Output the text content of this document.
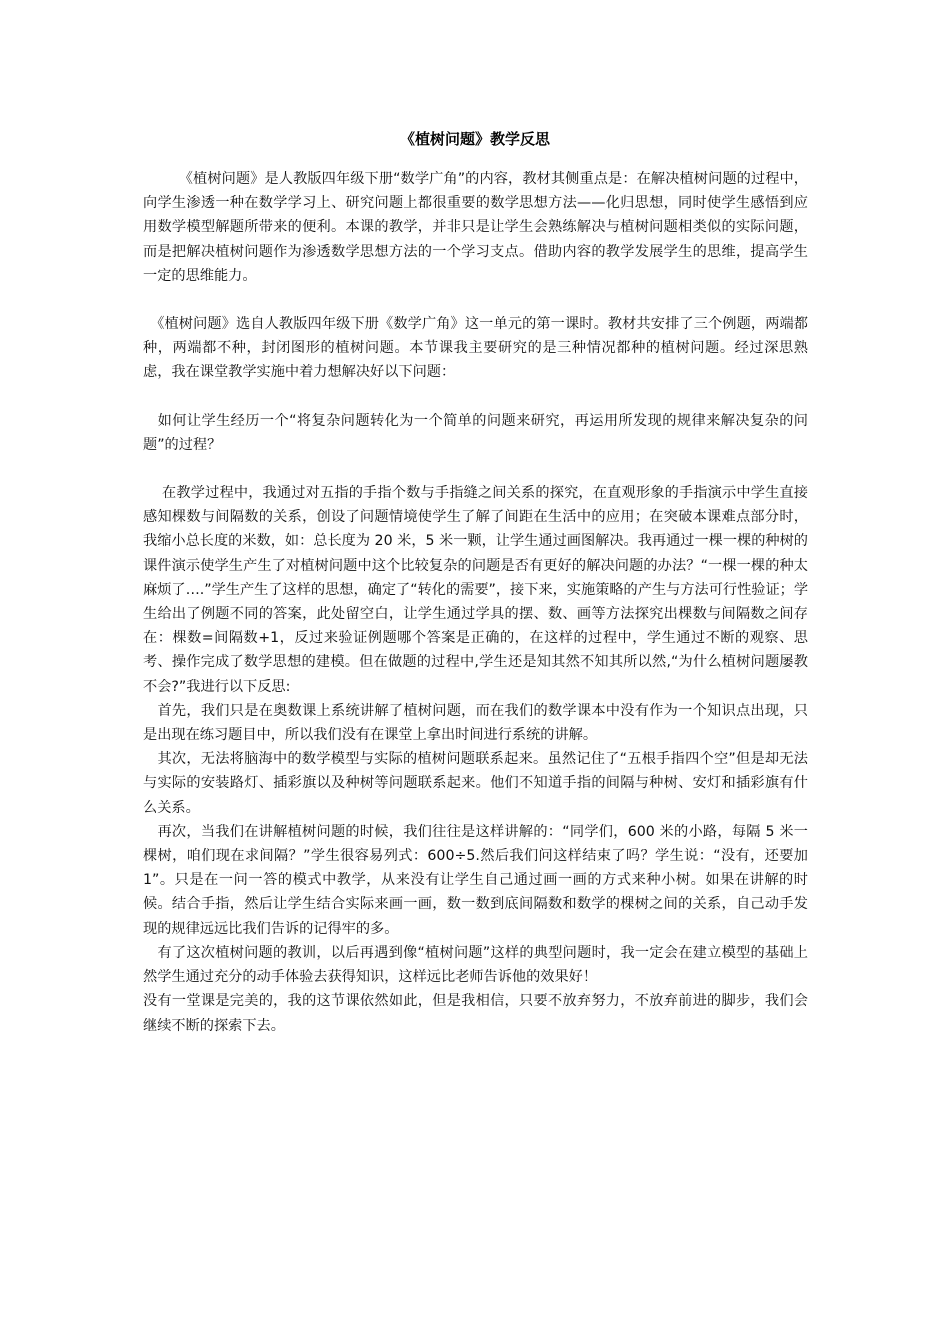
《植树问题》教学反思

　　　《植树问题》是人教版四年级下册“数学广角”的内容，教材其侧重点是：在解决植树问题的过程中，向学生渗透一种在数学学习上、研究问题上都很重要的数学思想方法——化归思想，同时使学生感悟到应用数学模型解题所带来的便利。本课的教学，并非只是让学生会熟练解决与植树问题相类似的实际问题，而是把解决植树问题作为渗透数学思想方法的一个学习支点。借助内容的教学发展学生的思维，提高学生一定的思维能力。

　《植树问题》选自人教版四年级下册《数学广角》这一单元的第一课时。教材共安排了三个例题，两端都种，两端都不种，封闭图形的植树问题。本节课我主要研究的是三种情况都种的植树问题。经过深思熟虑，我在课堂教学实施中着力想解决好以下问题：

　如何让学生经历一个“将复杂问题转化为一个简单的问题来研究，再运用所发现的规律来解决复杂的问题”的过程？

　 在教学过程中，我通过对五指的手指个数与手指缝之间关系的探究，在直观形象的手指演示中学生直接感知棵数与间隔数的关系，创设了问题情境使学生了解了间距在生活中的应用；在突破本课难点部分时，我缩小总长度的米数，如：总长度为 20 米，5 米一颗，让学生通过画图解决。我再通过一棵一棵的种树的课件演示使学生产生了对植树问题中这个比较复杂的问题是否有更好的解决问题的办法？“一棵一棵的种太麻烦了….”学生产生了这样的思想，确定了“转化的需要”，接下来，实施策略的产生与方法可行性验证；学生给出了例题不同的答案，此处留空白，让学生通过学具的摆、数、画等方法探究出棵数与间隔数之间存在：棵数=间隔数+1，反过来验证例题哪个答案是正确的，在这样的过程中，学生通过不断的观察、思考、操作完成了数学思想的建模。但在做题的过程中,学生还是知其然不知其所以然,“为什么植树问题屡教不会?”我进行以下反思:

　首先，我们只是在奥数课上系统讲解了植树问题，而在我们的数学课本中没有作为一个知识点出现，只是出现在练习题目中，所以我们没有在课堂上拿出时间进行系统的讲解。

　其次，无法将脑海中的数学模型与实际的植树问题联系起来。虽然记住了“五根手指四个空”但是却无法与实际的安装路灯、插彩旗以及种树等问题联系起来。他们不知道手指的间隔与种树、安灯和插彩旗有什么关系。

　再次，当我们在讲解植树问题的时候，我们往往是这样讲解的：“同学们，600 米的小路，每隔 5 米一棵树，咱们现在求间隔？”学生很容易列式：600÷5.然后我们问这样结束了吗？学生说：“没有，还要加 1”。只是在一问一答的模式中教学，从来没有让学生自己通过画一画的方式来种小树。如果在讲解的时候。结合手指，然后让学生结合实际来画一画，数一数到底间隔数和数学的棵树之间的关系，自己动手发现的规律远远比我们告诉的记得牢的多。

　有了这次植树问题的教训，以后再遇到像“植树问题”这样的典型问题时，我一定会在建立模型的基础上然学生通过充分的动手体验去获得知识，这样远比老师告诉他的效果好！

没有一堂课是完美的，我的这节课依然如此，但是我相信，只要不放弃努力，不放弃前进的脚步，我们会继续不断的探索下去。
